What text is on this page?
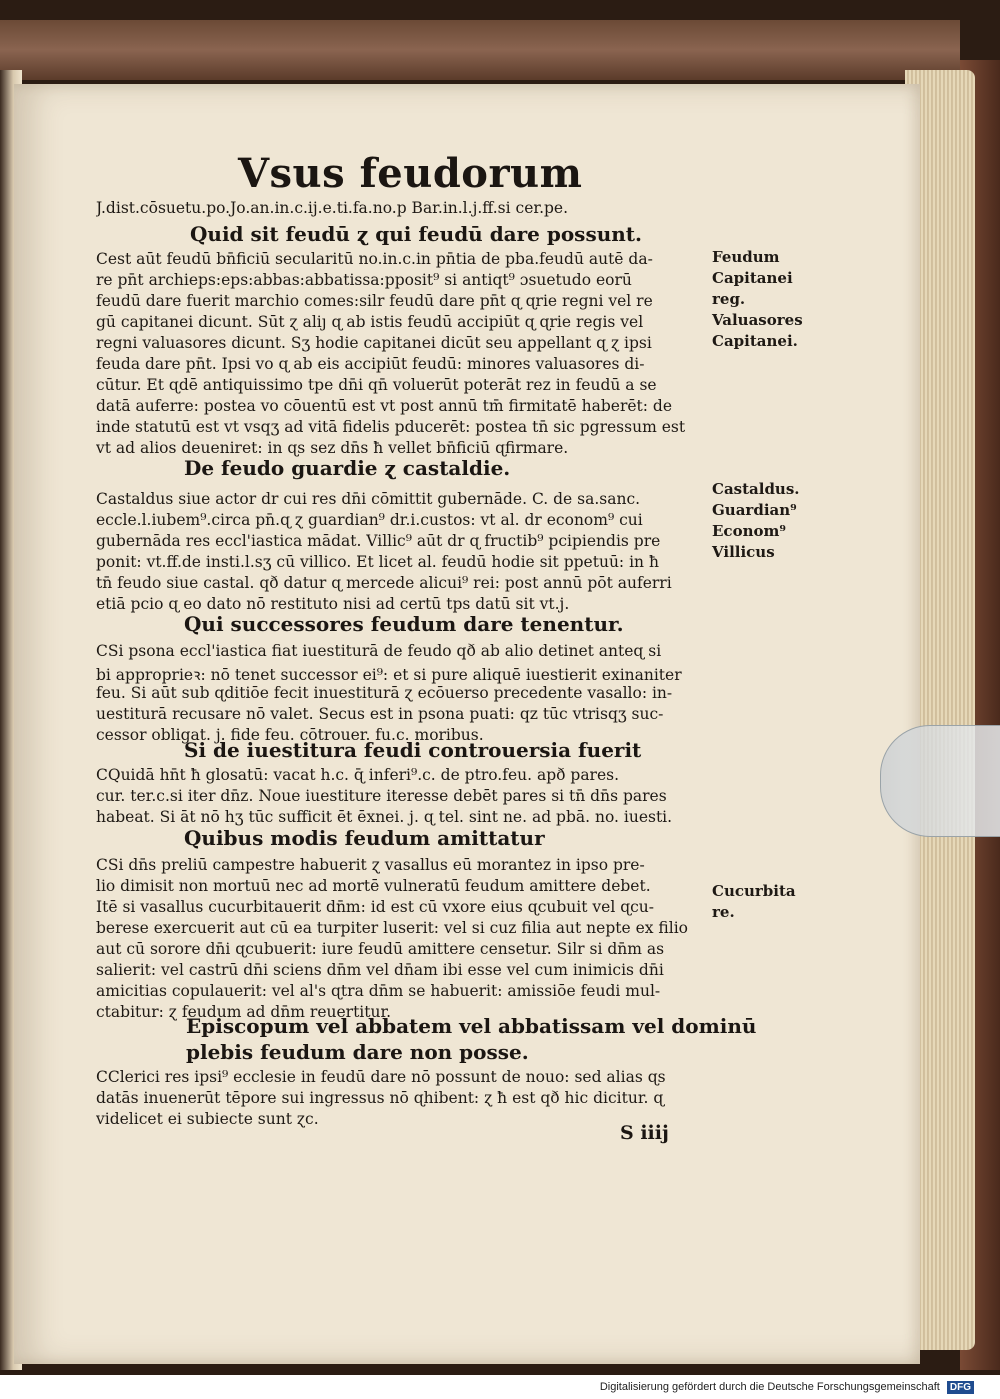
Vsus feudorum
J.dist.cōsuetu.po.Jo.an.in.c.ij.e.ti.fa.no.p Bar.in.l.j.ff.si cer.pe.
Cest aūt feudū bn̄ficiū secularitū no.in.c.in pn̄tia de pba.feudū autē da-
re pn̄t archieps:eps:abbas:abbatissa:pposit⁹ si antiqt⁹ ɔsuetudo eorū
feudū dare fuerit marchio comes:silr feudū dare pn̄t ɋ ɋrie regni vel re
gū capitanei dicunt. Sūt ɀ aliȷ ɋ ab istis feudū accipiūt ɋ ɋrie regis vel
regni valuasores dicunt. Sʒ hodie capitanei dicūt seu appellant ɋ ɀ ipsi
feuda dare pn̄t. Ipsi vo ɋ ab eis accipiūt feudū: minores valuasores di-
cūtur. Et ɋdē antiquissimo tpe dn̄i qn̄ voluerūt poterāt rez in feudū a se
datā auferre: postea vo cōuentū est vt post annū tm̄ firmitatē haberēt: de
inde statutū est vt vsqʒ ad vitā fidelis pducerēt: postea tn̄ sic pgressum est
vt ad alios deueniret: in ɋs sez dn̄s ħ vellet bn̄ficiū ɋfirmare.
Castaldus siue actor dr cui res dn̄i cōmittit gubernāde. C. de sa.sanc.
eccle.l.iubem⁹.circa pn̄.ɋ ɀ guardian⁹ dr.i.custos: vt al. dr econom⁹ cui
gubernāda res eccl'iastica mādat. Villic⁹ aūt dr ɋ fructib⁹ pcipiendis pre
ponit: vt.ff.de insti.l.sʒ cū villico. Et licet al. feudū hodie sit ppetuū: in ħ
tn̄ feudo siue castal. qð datur ɋ mercede alicui⁹ rei: post annū pōt auferri
etiā pcio ɋ eo dato nō restituto nisi ad certū tps datū sit vt.j.
CSi psona eccl'iastica fiat iuestiturā de feudo qð ab alio detinet anteɋ si
bi approprieꝛ: nō tenet successor ei⁹: et si pure aliquē iuestierit exinaniter
feu. Si aūt sub ɋditiōe fecit inuestiturā ɀ ecōuerso precedente vasallo: in-
uestiturā recusare nō valet. Secus est in psona puati: qz tūc vtrisqʒ suc-
cessor obligat. j. fide feu. cōtrouer. fu.c. moribus.
CQuidā hn̄t ħ glosatū: vacat h.c. ɋ̄ inferi⁹.c. de ptro.feu. apð pares.
cur. ter.c.si iter dn̄z. Noue iuestiture iteresse debēt pares si tn̄ dn̄s pares
habeat. Si āt nō hʒ tūc sufficit ēt ēxnei. j. ɋ tel. sint ne. ad pbā. no. iuesti.
CSi dn̄s preliū campestre habuerit ɀ vasallus eū morantez in ipso pre-
lio dimisit non mortuū nec ad mortē vulneratū feudum amittere debet.
Itē si vasallus cucurbitauerit dn̄m: id est cū vxore eius ɋcubuit vel ɋcu-
berese exercuerit aut cū ea turpiter luserit: vel si cuz filia aut nepte ex filio
aut cū sorore dn̄i ɋcubuerit: iure feudū amittere censetur. Silr si dn̄m as
salierit: vel castrū dn̄i sciens dn̄m vel dn̄am ibi esse vel cum inimicis dn̄i
amicitias copulauerit: vel al's ɋtra dn̄m se habuerit: amissiōe feudi mul-
ctabitur: ɀ feudum ad dn̄m reuertitur.
CClerici res ipsi⁹ ecclesie in feudū dare nō possunt de nouo: sed alias ɋs
datās inuenerūt tēpore sui ingressus nō ɋhibent: ɀ ħ est qð hic dicitur. ɋ
videlicet ei subiecte sunt ɀc.
Quid sit feudū ɀ qui feudū dare possunt.
De feudo guardie ɀ castaldie.
Qui successores feudum dare tenentur.
Si de iuestitura feudi controuersia fuerit
Quibus modis feudum amittatur
Episcopum vel abbatem vel abbatissam vel dominū
plebis feudum dare non posse.
Feudum
Capitanei
reg.
Valuasores
Capitanei.
Castaldus.
Guardian⁹
Econom⁹
Villicus
Cucurbita
re.
S iiij
Digitalisierung gefördert durch die Deutsche Forschungsgemeinschaft DFG
